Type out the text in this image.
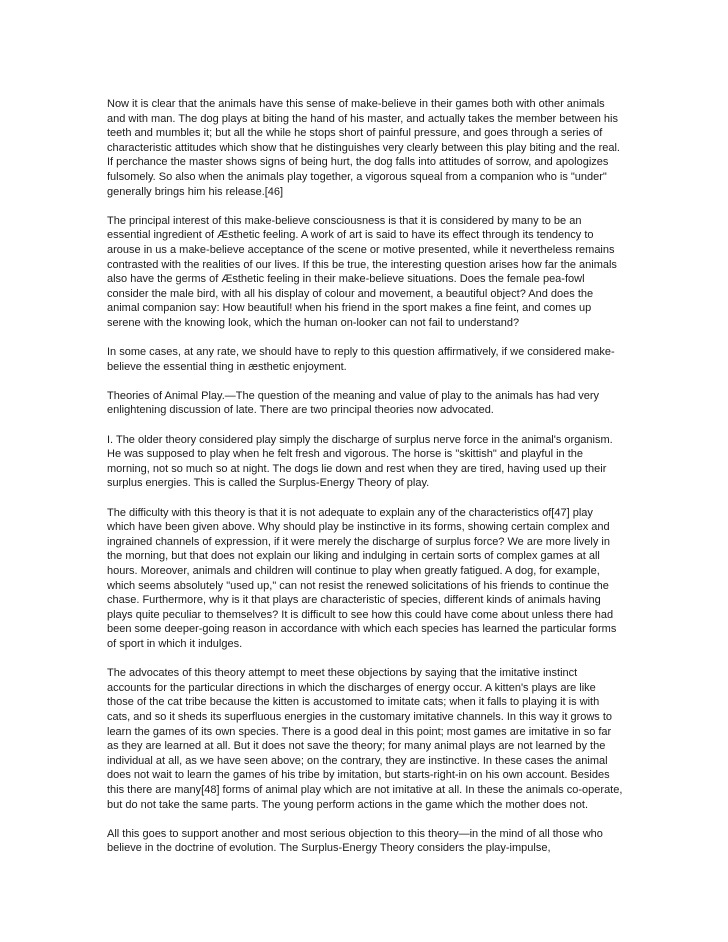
Now it is clear that the animals have this sense of make-believe in their games both with other animals and with man. The dog plays at biting the hand of his master, and actually takes the member between his teeth and mumbles it; but all the while he stops short of painful pressure, and goes through a series of characteristic attitudes which show that he distinguishes very clearly between this play biting and the real. If perchance the master shows signs of being hurt, the dog falls into attitudes of sorrow, and apologizes fulsomely. So also when the animals play together, a vigorous squeal from a companion who is "under" generally brings him his release.[46]

The principal interest of this make-believe consciousness is that it is considered by many to be an essential ingredient of Æsthetic feeling. A work of art is said to have its effect through its tendency to arouse in us a make-believe acceptance of the scene or motive presented, while it nevertheless remains contrasted with the realities of our lives. If this be true, the interesting question arises how far the animals also have the germs of Æsthetic feeling in their make-believe situations. Does the female pea-fowl consider the male bird, with all his display of colour and movement, a beautiful object? And does the animal companion say: How beautiful! when his friend in the sport makes a fine feint, and comes up serene with the knowing look, which the human on-looker can not fail to understand?

In some cases, at any rate, we should have to reply to this question affirmatively, if we considered make-believe the essential thing in æsthetic enjoyment.

Theories of Animal Play.—The question of the meaning and value of play to the animals has had very enlightening discussion of late. There are two principal theories now advocated.

I. The older theory considered play simply the discharge of surplus nerve force in the animal's organism. He was supposed to play when he felt fresh and vigorous. The horse is "skittish" and playful in the morning, not so much so at night. The dogs lie down and rest when they are tired, having used up their surplus energies. This is called the Surplus-Energy Theory of play.

The difficulty with this theory is that it is not adequate to explain any of the characteristics of[47] play which have been given above. Why should play be instinctive in its forms, showing certain complex and ingrained channels of expression, if it were merely the discharge of surplus force? We are more lively in the morning, but that does not explain our liking and indulging in certain sorts of complex games at all hours. Moreover, animals and children will continue to play when greatly fatigued. A dog, for example, which seems absolutely "used up," can not resist the renewed solicitations of his friends to continue the chase. Furthermore, why is it that plays are characteristic of species, different kinds of animals having plays quite peculiar to themselves? It is difficult to see how this could have come about unless there had been some deeper-going reason in accordance with which each species has learned the particular forms of sport in which it indulges.

The advocates of this theory attempt to meet these objections by saying that the imitative instinct accounts for the particular directions in which the discharges of energy occur. A kitten's plays are like those of the cat tribe because the kitten is accustomed to imitate cats; when it falls to playing it is with cats, and so it sheds its superfluous energies in the customary imitative channels. In this way it grows to learn the games of its own species. There is a good deal in this point; most games are imitative in so far as they are learned at all. But it does not save the theory; for many animal plays are not learned by the individual at all, as we have seen above; on the contrary, they are instinctive. In these cases the animal does not wait to learn the games of his tribe by imitation, but starts-right-in on his own account. Besides this there are many[48] forms of animal play which are not imitative at all. In these the animals co-operate, but do not take the same parts. The young perform actions in the game which the mother does not.

All this goes to support another and most serious objection to this theory—in the mind of all those who believe in the doctrine of evolution. The Surplus-Energy Theory considers the play-impulse,
